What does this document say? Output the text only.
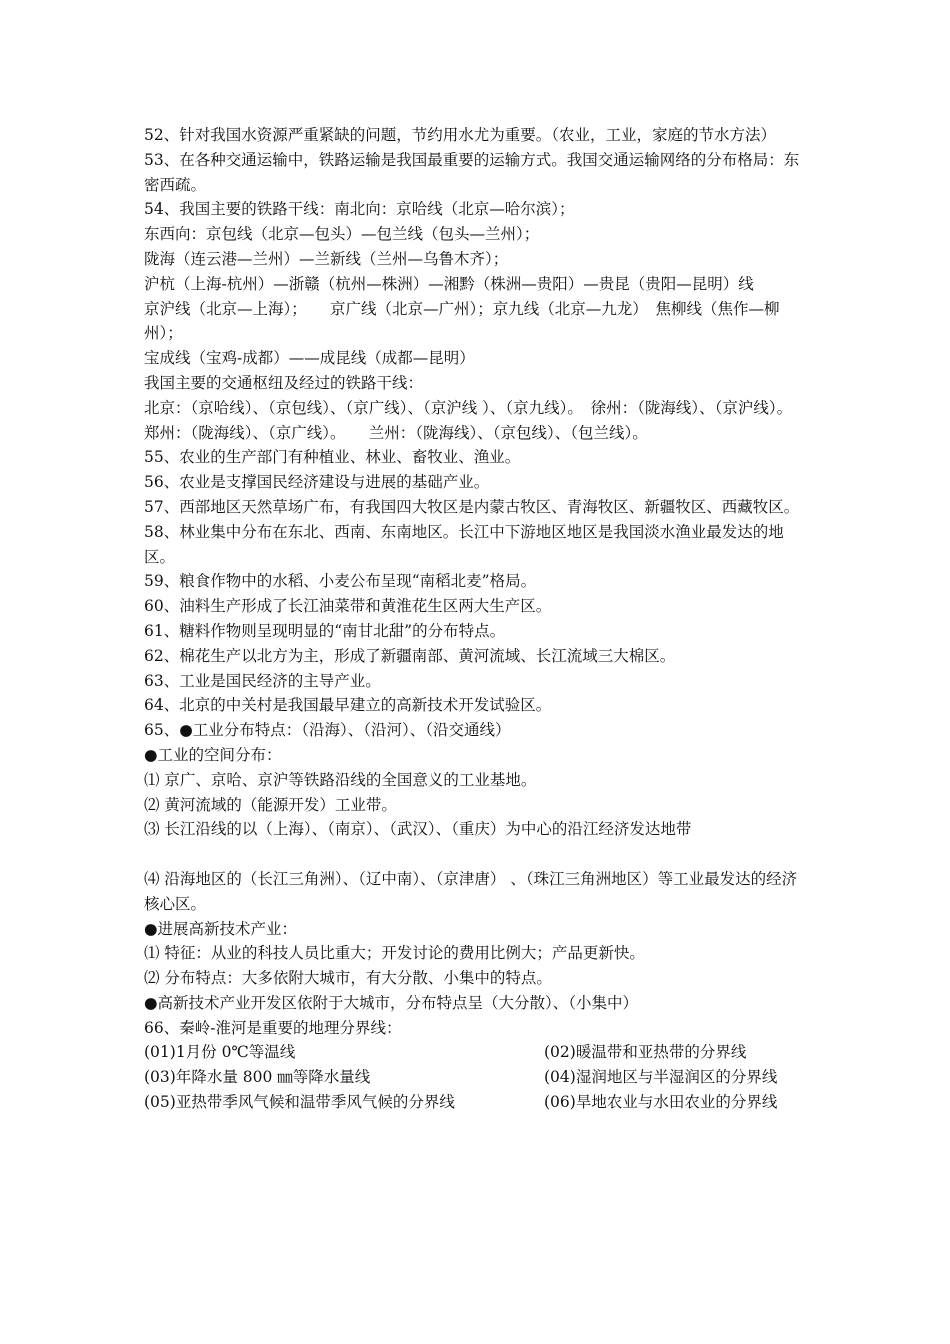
52、针对我国水资源严重紧缺的问题，节约用水尤为重要。（农业，工业，家庭的节水方法）

53、在各种交通运输中，铁路运输是我国最重要的运输方式。我国交通运输网络的分布格局：东密西疏。

54、我国主要的铁路干线：南北向：京哈线（北京—哈尔滨）；

东西向：京包线（北京—包头）—包兰线（包头—兰州）；

陇海（连云港—兰州）—兰新线（兰州—乌鲁木齐）；

沪杭（上海-杭州）—浙赣（杭州—株洲）—湘黔（株洲—贵阳）—贵昆（贵阳—昆明）线

京沪线（北京—上海）；　　京广线（北京—广州）；京九线（北京—九龙）　焦柳线（焦作—柳州）；

宝成线（宝鸡-成都）——成昆线（成都—昆明）

我国主要的交通枢纽及经过的铁路干线：

北京：（京哈线）、（京包线）、（京广线）、（京沪线 ）、（京九线）。　徐州：（陇海线）、（京沪线）。

郑州：（陇海线）、（京广线）。　　兰州：（陇海线）、（京包线）、（包兰线）。

55、农业的生产部门有种植业、林业、畜牧业、渔业。

56、农业是支撑国民经济建设与进展的基础产业。

57、西部地区天然草场广布，有我国四大牧区是内蒙古牧区、青海牧区、新疆牧区、西藏牧区。

58、林业集中分布在东北、西南、东南地区。长江中下游地区地区是我国淡水渔业最发达的地区。

59、粮食作物中的水稻、小麦公布呈现“南稻北麦”格局。

60、油料生产形成了长江油菜带和黄淮花生区两大生产区。

61、糖料作物则呈现明显的“南甘北甜”的分布特点。

62、棉花生产以北方为主，形成了新疆南部、黄河流域、长江流域三大棉区。

63、工业是国民经济的主导产业。

64、北京的中关村是我国最早建立的高新技术开发试验区。

65、●工业分布特点：（沿海）、（沿河）、（沿交通线）

●工业的空间分布：

⑴ 京广、京哈、京沪等铁路沿线的全国意义的工业基地。

⑵ 黄河流域的（能源开发）工业带。

⑶ 长江沿线的以（上海）、（南京）、（武汉）、（重庆）为中心的沿江经济发达地带

⑷ 沿海地区的（长江三角洲）、（辽中南）、（京津唐） 、（珠江三角洲地区）等工业最发达的经济核心区。

●进展高新技术产业：

⑴ 特征：从业的科技人员比重大；开发讨论的费用比例大；产品更新快。

⑵ 分布特点：大多依附大城市，有大分散、小集中的特点。

●高新技术产业开发区依附于大城市，分布特点呈（大分散）、（小集中）

66、秦岭-淮河是重要的地理分界线：

(01)1月份 0℃等温线	(02)暖温带和亚热带的分界线
(03)年降水量 800 ㎜等降水量线	(04)湿润地区与半湿润区的分界线
(05)亚热带季风气候和温带季风气候的分界线	(06)旱地农业与水田农业的分界线
